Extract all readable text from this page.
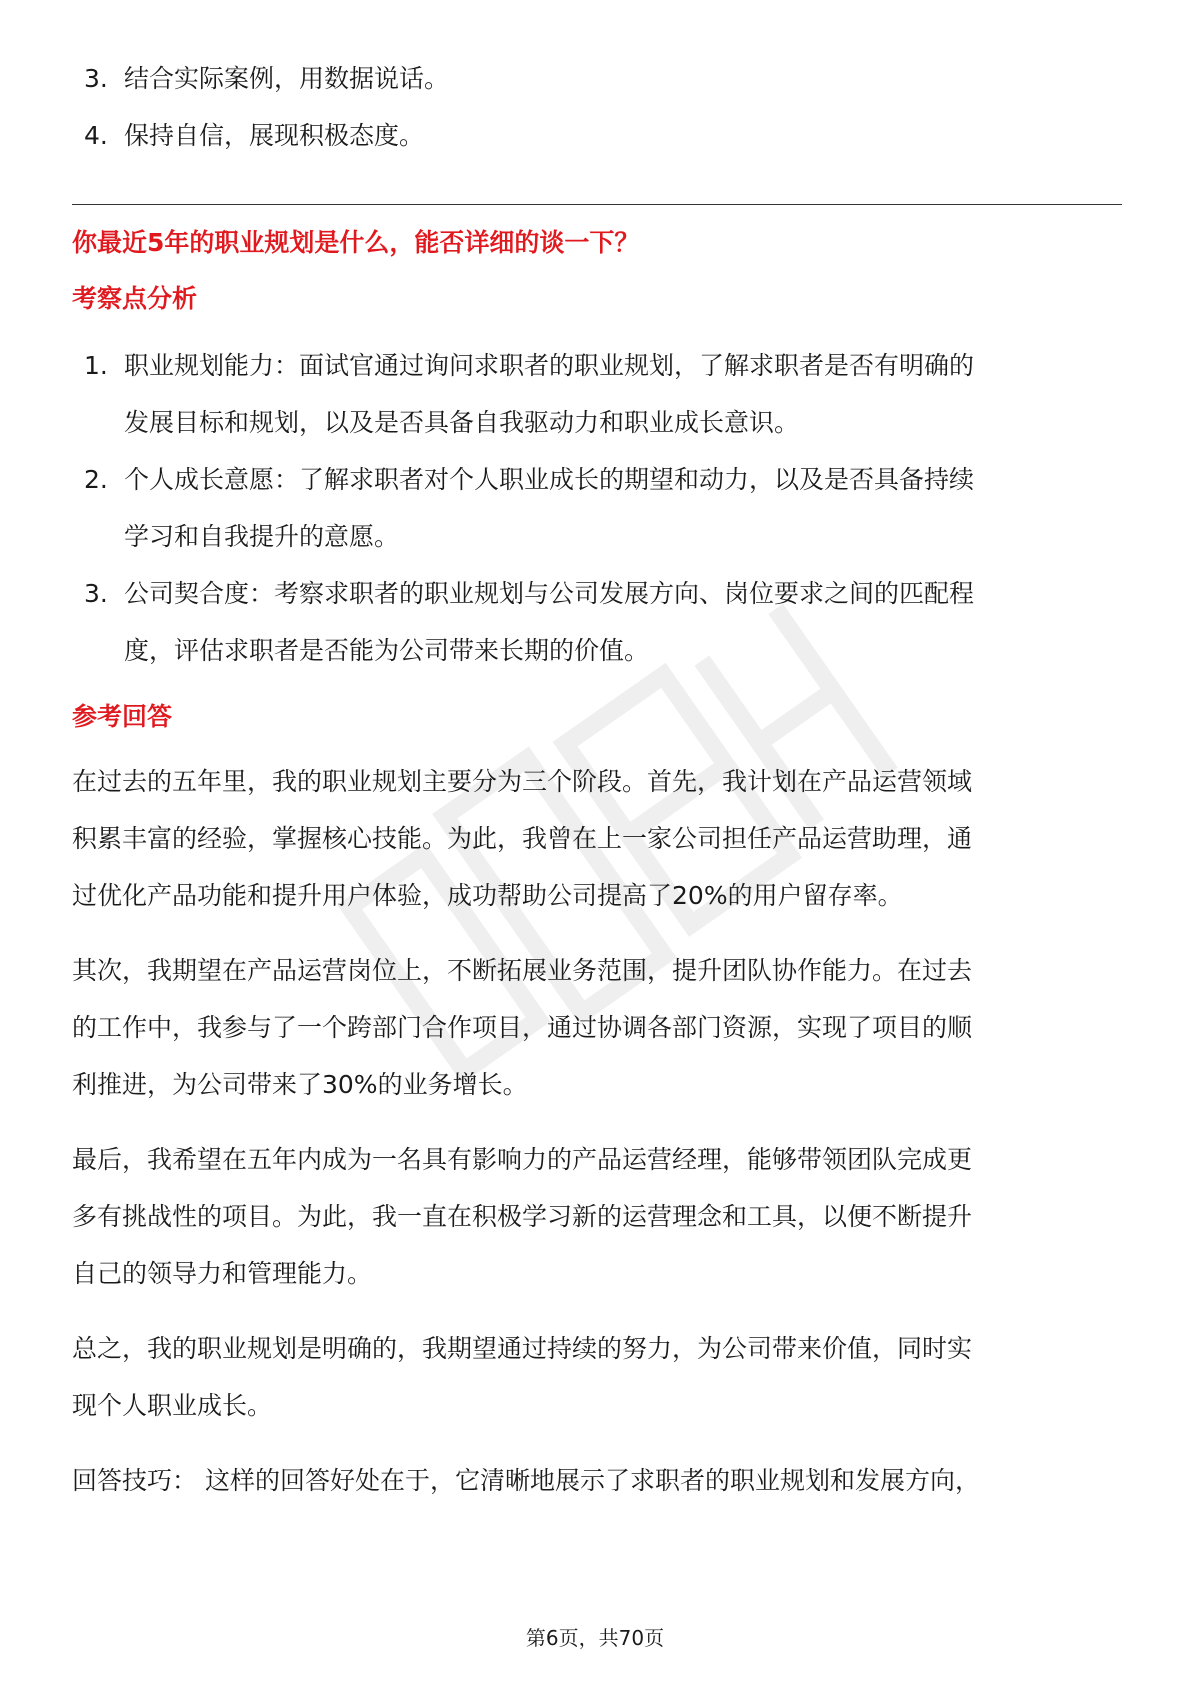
3. 结合实际案例，用数据说话。
4. 保持自信，展现积极态度。
你最近5年的职业规划是什么，能否详细的谈一下？
考察点分析
1. 职业规划能力：面试官通过询问求职者的职业规划，了解求职者是否有明确的
发展目标和规划，以及是否具备自我驱动力和职业成长意识。
2. 个人成长意愿：了解求职者对个人职业成长的期望和动力，以及是否具备持续
学习和自我提升的意愿。
3. 公司契合度：考察求职者的职业规划与公司发展方向、岗位要求之间的匹配程
度，评估求职者是否能为公司带来长期的价值。
参考回答

在过去的五年里，我的职业规划主要分为三个阶段。首先，我计划在产品运营领域
积累丰富的经验，掌握核心技能。为此，我曾在上一家公司担任产品运营助理，通
过优化产品功能和提升用户体验，成功帮助公司提高了20%的用户留存率。

其次，我期望在产品运营岗位上，不断拓展业务范围，提升团队协作能力。在过去
的工作中，我参与了一个跨部门合作项目，通过协调各部门资源，实现了项目的顺
利推进，为公司带来了30%的业务增长。

最后，我希望在五年内成为一名具有影响力的产品运营经理，能够带领团队完成更
多有挑战性的项目。为此，我一直在积极学习新的运营理念和工具，以便不断提升
自己的领导力和管理能力。

总之，我的职业规划是明确的，我期望通过持续的努力，为公司带来价值，同时实
现个人职业成长。

回答技巧： 这样的回答好处在于，它清晰地展示了求职者的职业规划和发展方向，

第6页，共70页
